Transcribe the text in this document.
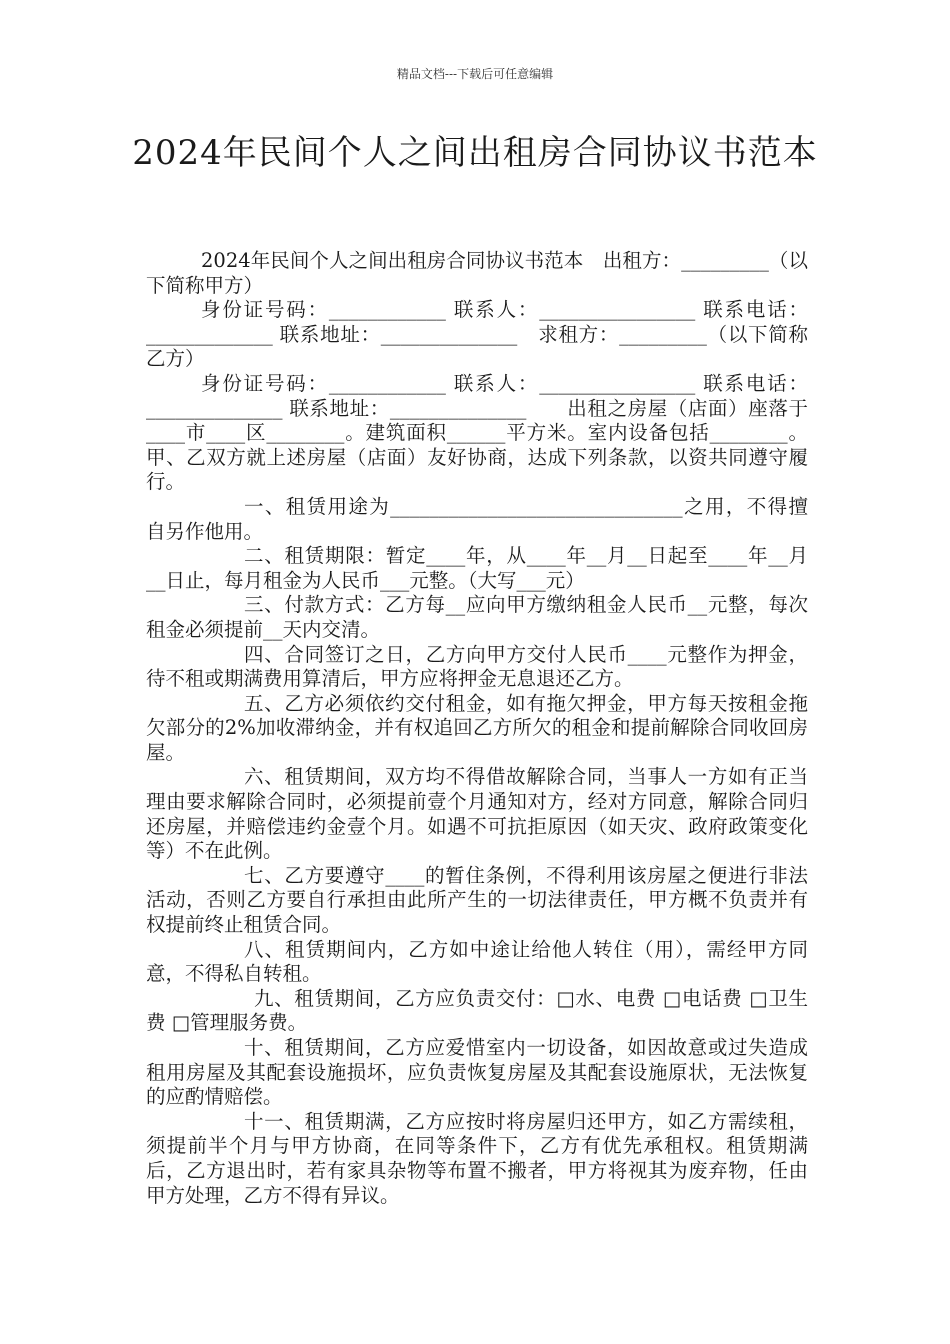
精品文档---下载后可任意编辑
2024年民间个人之间出租房合同协议书范本

2024年民间个人之间出租房合同协议书范本　出租方：_________（以下简称甲方）

身份证号码：____________ 联系人：________________ 联系电话：_____________ 联系地址：______________　求租方：_________（以下简称乙方）

身份证号码：____________ 联系人：________________ 联系电话：______________ 联系地址：______________　　出租之房屋（店面）座落于____市____区________。建筑面积______平方米。室内设备包括________。甲、乙双方就上述房屋（店面）友好协商，达成下列条款，以资共同遵守履行。

一、租赁用途为______________________________之用，不得擅自另作他用。

二、租赁期限：暂定____年，从____年__月__日起至____年__月__日止，每月租金为人民币___元整。（大写___元）

三、付款方式：乙方每__应向甲方缴纳租金人民币__元整，每次租金必须提前__天内交清。

四、合同签订之日，乙方向甲方交付人民币____元整作为押金，待不租或期满费用算清后，甲方应将押金无息退还乙方。

五、乙方必须依约交付租金，如有拖欠押金，甲方每天按租金拖欠部分的2%加收滞纳金，并有权追回乙方所欠的租金和提前解除合同收回房屋。

六、租赁期间，双方均不得借故解除合同，当事人一方如有正当理由要求解除合同时，必须提前壹个月通知对方，经对方同意，解除合同归还房屋，并赔偿违约金壹个月。如遇不可抗拒原因（如天灾、政府政策变化等）不在此例。

七、乙方要遵守____的暂住条例，不得利用该房屋之便进行非法活动，否则乙方要自行承担由此所产生的一切法律责任，甲方概不负责并有权提前终止租赁合同。

八、租赁期间内，乙方如中途让给他人转住（用），需经甲方同意，不得私自转租。

九、租赁期间，乙方应负责交付：□水、电费 □电话费 □卫生费 □管理服务费。

十、租赁期间，乙方应爱惜室内一切设备，如因故意或过失造成租用房屋及其配套设施损坏，应负责恢复房屋及其配套设施原状，无法恢复的应酌情赔偿。

十一、租赁期满，乙方应按时将房屋归还甲方，如乙方需续租，须提前半个月与甲方协商，在同等条件下，乙方有优先承租权。租赁期满后，乙方退出时，若有家具杂物等布置不搬者，甲方将视其为废弃物，任由甲方处理，乙方不得有异议。
